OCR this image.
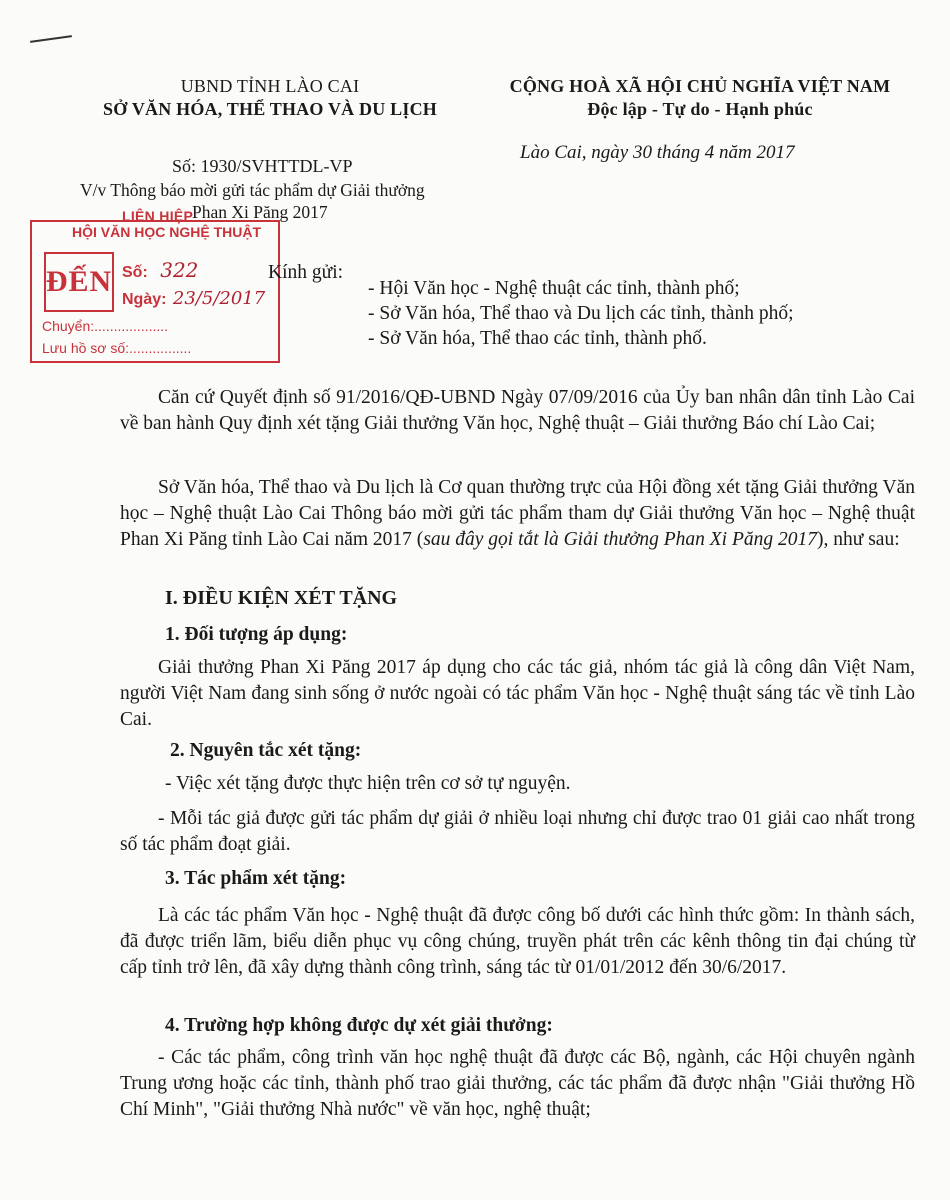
UBND TỈNH LÀO CAI
SỞ VĂN HÓA, THỂ THAO VÀ DU LỊCH
CỘNG HOÀ XÃ HỘI CHỦ NGHĨA VIỆT NAM
Độc lập - Tự do - Hạnh phúc
Lào Cai, ngày 30 tháng 4 năm 2017
Số: 1930/SVHTTDL-VP
V/v Thông báo mời gửi tác phẩm dự Giải thưởng
Phan Xi Păng 2017
LIÊN HIỆP
HỘI VĂN HỌC NGHỆ THUẬT
ĐẾN Số: 322
Ngày: 23/5/2017
Chuyển:...................
Lưu hồ sơ số:................
Kính gửi:
- Hội Văn học - Nghệ thuật các tỉnh, thành phố;
- Sở Văn hóa, Thể thao và Du lịch các tỉnh, thành phố;
- Sở Văn hóa, Thể thao các tỉnh, thành phố.
Căn cứ Quyết định số 91/2016/QĐ-UBND Ngày 07/09/2016 của Ủy ban nhân dân tỉnh Lào Cai về ban hành Quy định xét tặng Giải thưởng Văn học, Nghệ thuật – Giải thưởng Báo chí Lào Cai;
Sở Văn hóa, Thể thao và Du lịch là Cơ quan thường trực của Hội đồng xét tặng Giải thưởng Văn học – Nghệ thuật Lào Cai Thông báo mời gửi tác phẩm tham dự Giải thưởng Văn học – Nghệ thuật Phan Xi Păng tỉnh Lào Cai năm 2017 (sau đây gọi tắt là Giải thưởng Phan Xi Păng 2017), như sau:
I. ĐIỀU KIỆN XÉT TẶNG
1. Đối tượng áp dụng:
Giải thưởng Phan Xi Păng 2017 áp dụng cho các tác giả, nhóm tác giả là công dân Việt Nam, người Việt Nam đang sinh sống ở nước ngoài có tác phẩm Văn học - Nghệ thuật sáng tác về tỉnh Lào Cai.
2. Nguyên tắc xét tặng:
- Việc xét tặng được thực hiện trên cơ sở tự nguyện.
- Mỗi tác giả được gửi tác phẩm dự giải ở nhiều loại nhưng chỉ được trao 01 giải cao nhất trong số tác phẩm đoạt giải.
3. Tác phẩm xét tặng:
Là các tác phẩm Văn học - Nghệ thuật đã được công bố dưới các hình thức gồm: In thành sách, đã được triển lãm, biểu diễn phục vụ công chúng, truyền phát trên các kênh thông tin đại chúng từ cấp tỉnh trở lên, đã xây dựng thành công trình, sáng tác từ 01/01/2012 đến 30/6/2017.
4. Trường hợp không được dự xét giải thưởng:
- Các tác phẩm, công trình văn học nghệ thuật đã được các Bộ, ngành, các Hội chuyên ngành Trung ương hoặc các tỉnh, thành phố trao giải thưởng, các tác phẩm đã được nhận "Giải thưởng Hồ Chí Minh", "Giải thưởng Nhà nước" về văn học, nghệ thuật;
